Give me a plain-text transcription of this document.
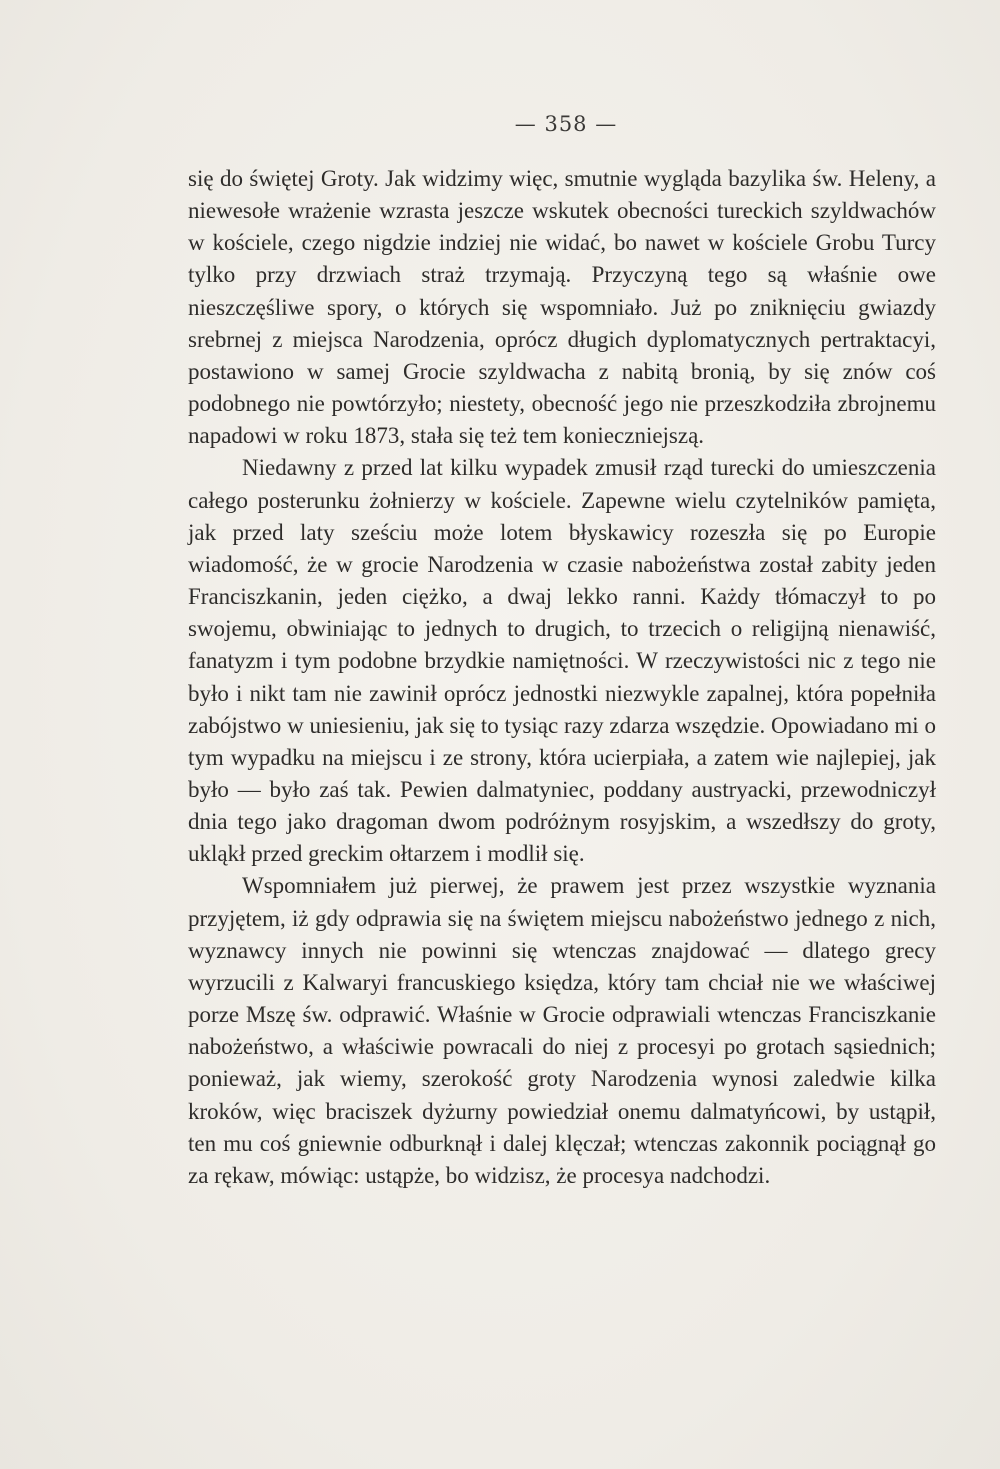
— 358 —

się do świętej Groty. Jak widzimy więc, smutnie wygląda bazylika św. Heleny, a niewesołe wrażenie wzrasta jeszcze wskutek obecności tureckich szyldwachów w kościele, czego nigdzie indziej nie widać, bo nawet w kościele Grobu Turcy tylko przy drzwiach straż trzymają. Przyczyną tego są właśnie owe nieszczęśliwe spory, o których się wspomniało. Już po zniknięciu gwiazdy srebrnej z miejsca Narodzenia, oprócz długich dyplomatycznych pertraktacyi, postawiono w samej Grocie szyldwacha z nabitą bronią, by się znów coś podobnego nie powtórzyło; niestety, obecność jego nie przeszkodziła zbrojnemu napadowi w roku 1873, stała się też tem konieczniejszą.

Niedawny z przed lat kilku wypadek zmusił rząd turecki do umieszczenia całego posterunku żołnierzy w kościele. Zapewne wielu czytelników pamięta, jak przed laty sześciu może lotem błyskawicy rozeszła się po Europie wiadomość, że w grocie Narodzenia w czasie nabożeństwa został zabity jeden Franciszkanin, jeden ciężko, a dwaj lekko ranni. Każdy tłómaczył to po swojemu, obwiniając to jednych to drugich, to trzecich o religijną nienawiść, fanatyzm i tym podobne brzydkie namiętności. W rzeczywistości nic z tego nie było i nikt tam nie zawinił oprócz jednostki niezwykle zapalnej, która popełniła zabójstwo w uniesieniu, jak się to tysiąc razy zdarza wszędzie. Opowiadano mi o tym wypadku na miejscu i ze strony, która ucierpiała, a zatem wie najlepiej, jak było — było zaś tak. Pewien dalmatyniec, poddany austryacki, przewodniczył dnia tego jako dragoman dwom podróżnym rosyjskim, a wszedłszy do groty, ukląkł przed greckim ołtarzem i modlił się.

Wspomniałem już pierwej, że prawem jest przez wszystkie wyznania przyjętem, iż gdy odprawia się na świętem miejscu nabożeństwo jednego z nich, wyznawcy innych nie powinni się wtenczas znajdować — dlatego grecy wyrzucili z Kalwaryi francuskiego księdza, który tam chciał nie we właściwej porze Mszę św. odprawić. Właśnie w Grocie odprawiali wtenczas Franciszkanie nabożeństwo, a właściwie powracali do niej z procesyi po grotach sąsiednich; ponieważ, jak wiemy, szerokość groty Narodzenia wynosi zaledwie kilka kroków, więc braciszek dyżurny powiedział onemu dalmatyńcowi, by ustąpił, ten mu coś gniewnie odburknął i dalej klęczał; wtenczas zakonnik pociągnął go za rękaw, mówiąc: ustąpże, bo widzisz, że procesya nadchodzi.
